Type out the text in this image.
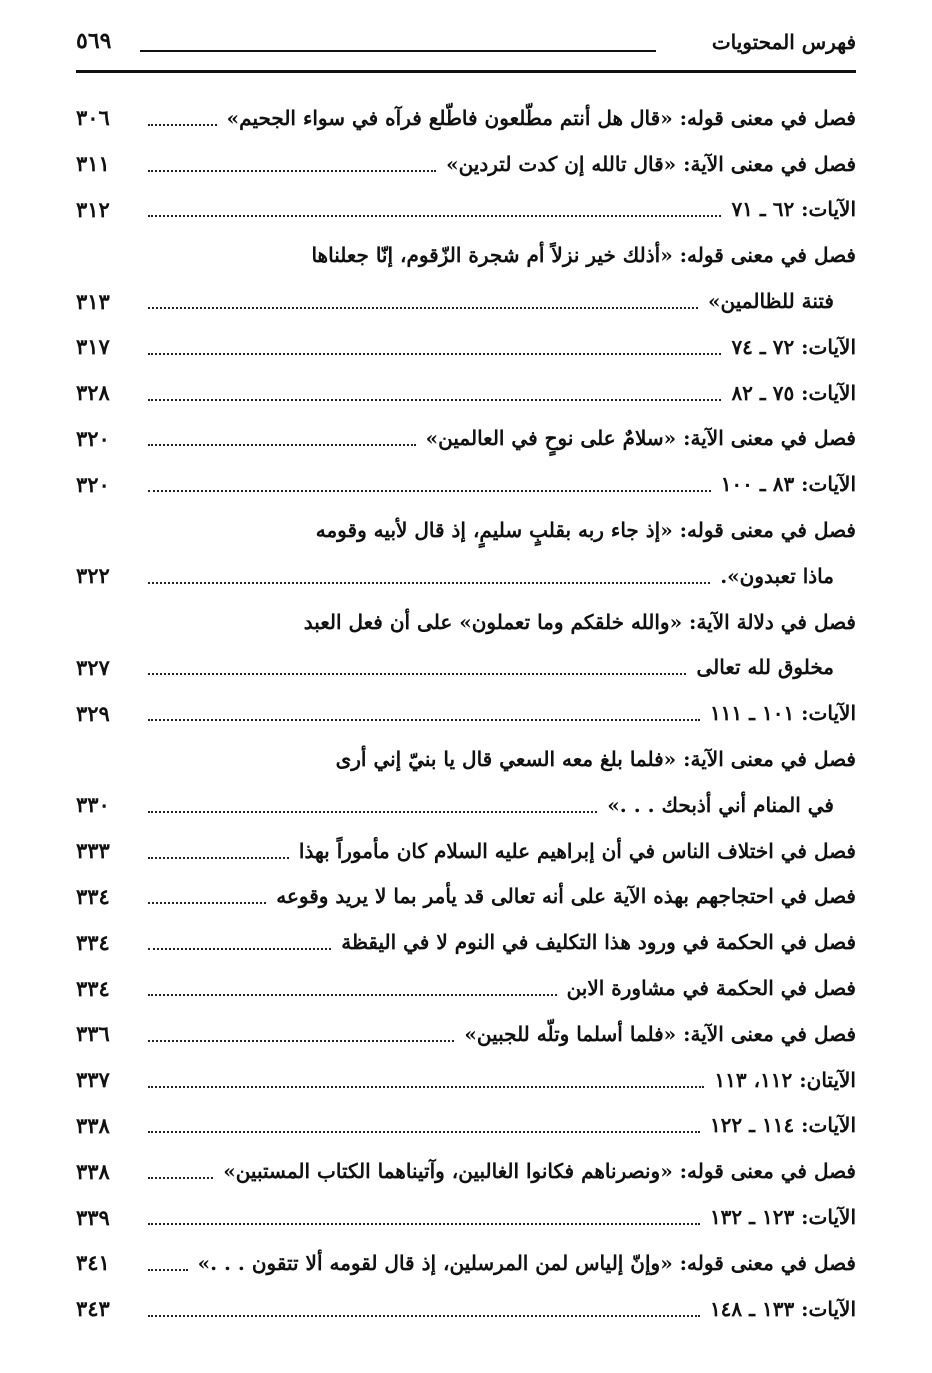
فهرس المحتويات
٥٦٩
فصل في معنى قوله: «قال هل أنتم مطّلعون فاطّلع فرآه في سواء الجحيم»
٣٠٦
فصل في معنى الآية: «قال تالله إن كدت لتردين»
٣١١
الآيات: ٦٢ ـ ٧١
٣١٢
فصل في معنى قوله: «أذلك خير نزلاً أم شجرة الزّقوم، إنّا جعلناها
فتنة للظالمين»
٣١٣
الآيات: ٧٢ ـ ٧٤
٣١٧
الآيات: ٧٥ ـ ٨٢
٣٢٨
فصل في معنى الآية: «سلامٌ على نوحٍ في العالمين»
٣٢٠
الآيات: ٨٣ ـ ١٠٠
٣٢٠
فصل في معنى قوله: «إذ جاء ربه بقلبٍ سليمٍ، إذ قال لأبيه وقومه
ماذا تعبدون».
٣٢٢
فصل في دلالة الآية: «والله خلقكم وما تعملون» على أن فعل العبد
مخلوق لله تعالى
٣٢٧
الآيات: ١٠١ ـ ١١١
٣٢٩
فصل في معنى الآية: «فلما بلغ معه السعي قال يا بنيّ إني أرى
في المنام أني أذبحك . . .»
٣٣٠
فصل في اختلاف الناس في أن إبراهيم عليه السلام كان مأموراً بهذا
٣٣٣
فصل في احتجاجهم بهذه الآية على أنه تعالى قد يأمر بما لا يريد وقوعه
٣٣٤
فصل في الحكمة في ورود هذا التكليف في النوم لا في اليقظة
٣٣٤
فصل في الحكمة في مشاورة الابن
٣٣٤
فصل في معنى الآية: «فلما أسلما وتلّه للجبين»
٣٣٦
الآيتان: ١١٢، ١١٣
٣٣٧
الآيات: ١١٤ ـ ١٢٢
٣٣٨
فصل في معنى قوله: «ونصرناهم فكانوا الغالبين، وآتيناهما الكتاب المستبين»
٣٣٨
الآيات: ١٢٣ ـ ١٣٢
٣٣٩
فصل في معنى قوله: «وإنّ إلياس لمن المرسلين، إذ قال لقومه ألا تتقون . . .»
٣٤١
الآيات: ١٣٣ ـ ١٤٨
٣٤٣
